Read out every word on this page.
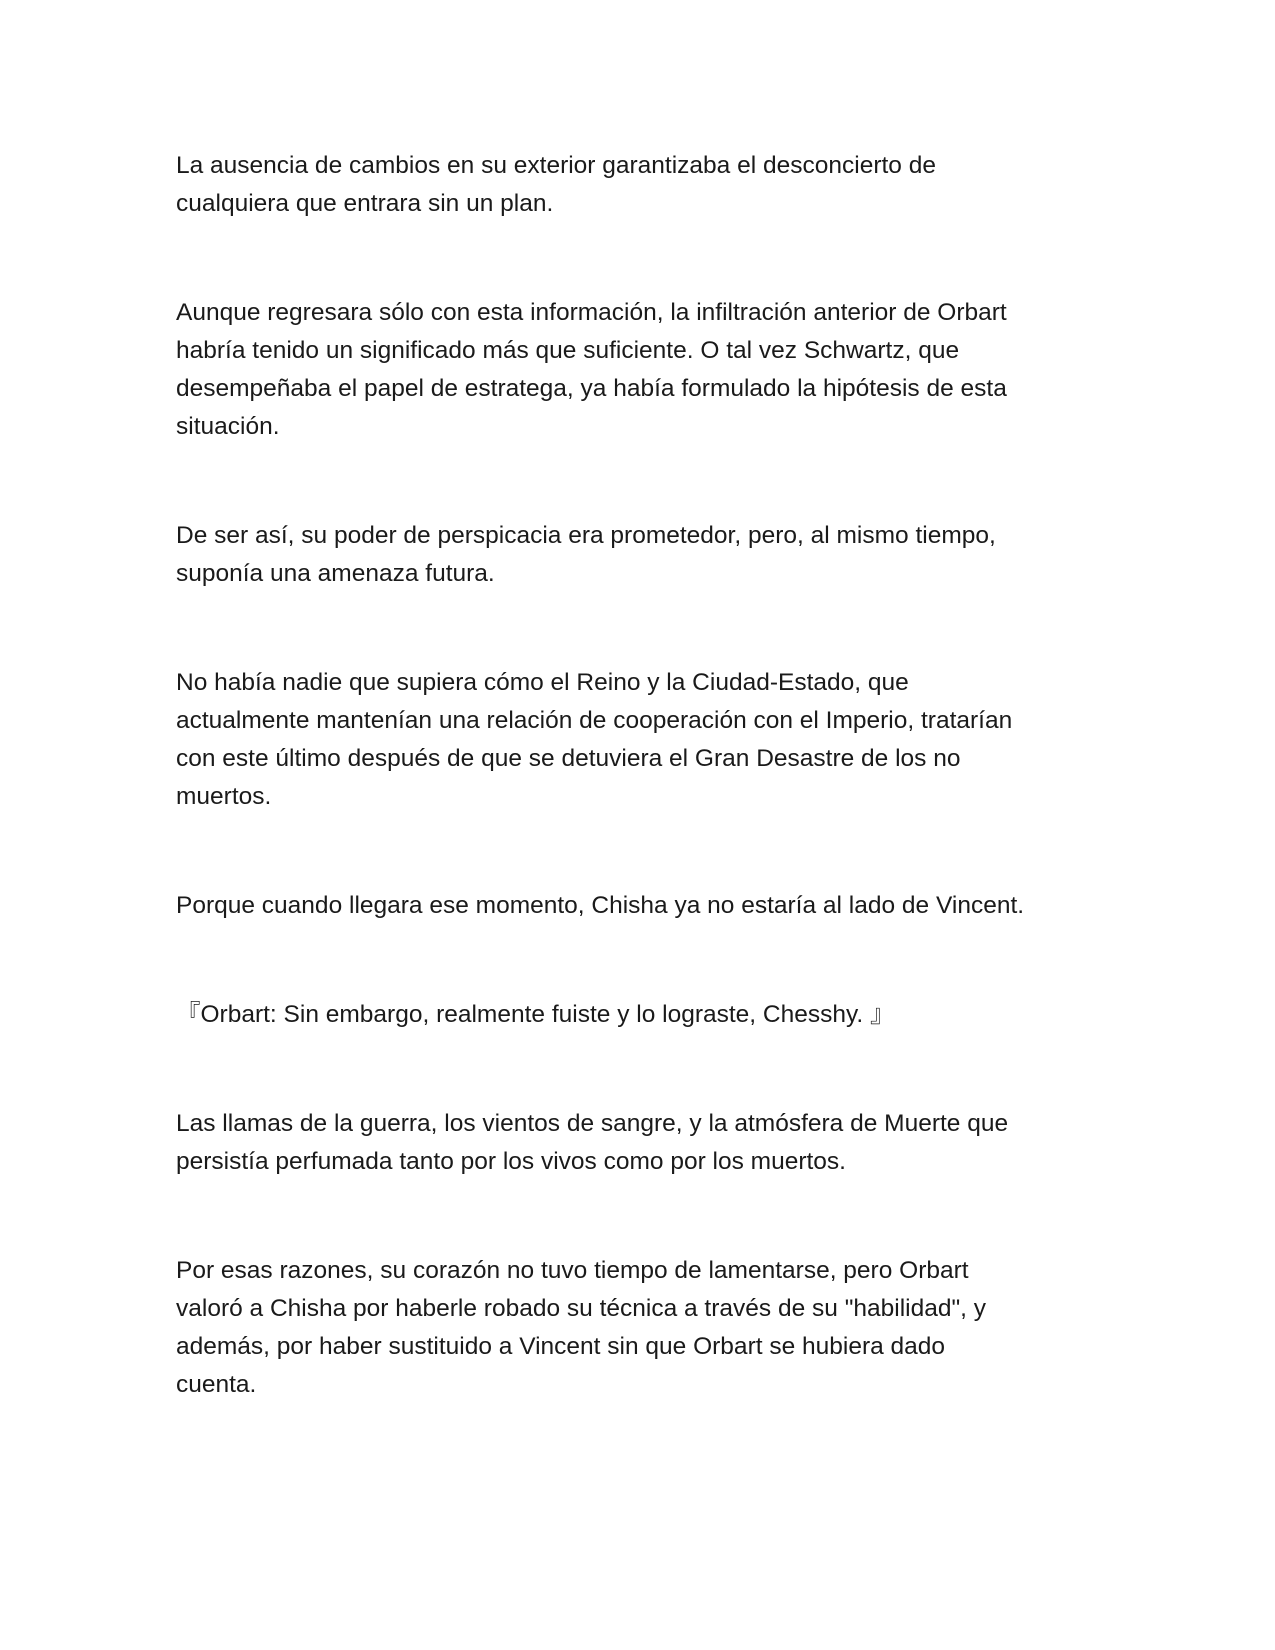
La ausencia de cambios en su exterior garantizaba el desconcierto de
cualquiera que entrara sin un plan.

Aunque regresara sólo con esta información, la infiltración anterior de Orbart
habría tenido un significado más que suficiente. O tal vez Schwartz, que
desempeñaba el papel de estratega, ya había formulado la hipótesis de esta
situación.

De ser así, su poder de perspicacia era prometedor, pero, al mismo tiempo,
suponía una amenaza futura.

No había nadie que supiera cómo el Reino y la Ciudad-Estado, que
actualmente mantenían una relación de cooperación con el Imperio, tratarían
con este último después de que se detuviera el Gran Desastre de los no
muertos.

Porque cuando llegara ese momento, Chisha ya no estaría al lado de Vincent.

『Orbart: Sin embargo, realmente fuiste y lo lograste, Chesshy. 』

Las llamas de la guerra, los vientos de sangre, y la atmósfera de Muerte que
persistía perfumada tanto por los vivos como por los muertos.

Por esas razones, su corazón no tuvo tiempo de lamentarse, pero Orbart
valoró a Chisha por haberle robado su técnica a través de su "habilidad", y
además, por haber sustituido a Vincent sin que Orbart se hubiera dado
cuenta.
